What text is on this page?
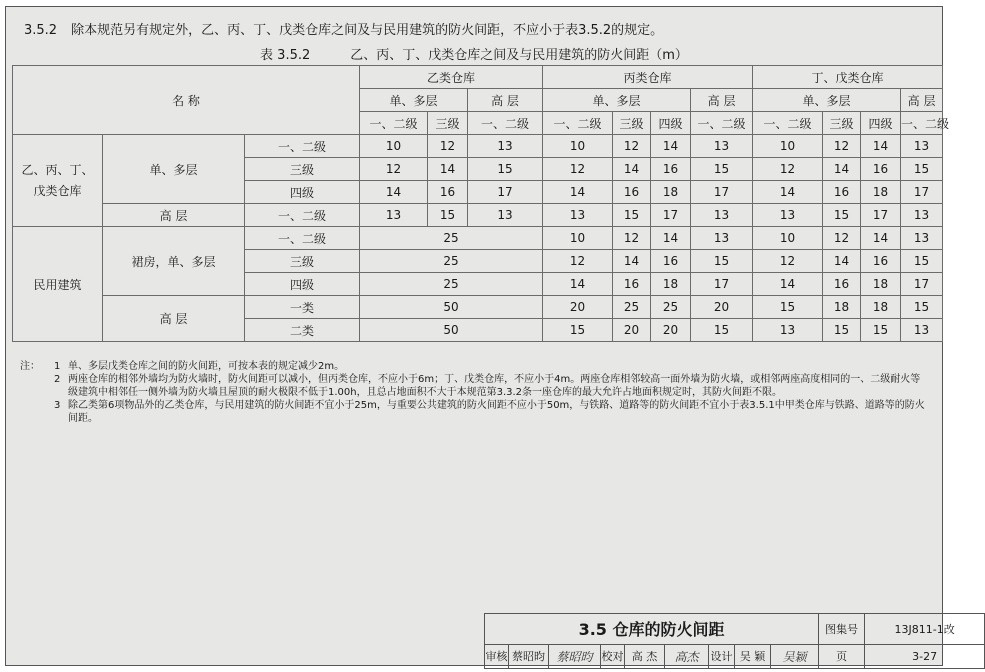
3.5.2 除本规范另有规定外，乙、丙、丁、戊类仓库之间及与民用建筑的防火间距，不应小于表3.5.2的规定。
表 3.5.2	乙、丙、丁、戊类仓库之间及与民用建筑的防火间距（m）
名 称			乙类仓库			丙类仓库				丁、戊类仓库			
			单、多层		高 层	单、多层			高 层	单、多层			高 层
			一、二级	三级	一、二级	一、二级	三级	四级	一、二级	一、二级	三级	四级	一、二级
乙、丙、丁、戊类仓库	单、多层	一、二级	10	12	13	10	12	14	13	10	12	14	13
		三级	12	14	15	12	14	16	15	12	14	16	15
		四级	14	16	17	14	16	18	17	14	16	18	17
	高 层	一、二级	13	15	13	13	15	17	13	13	15	17	13
民用建筑	裙房，单、多层	一、二级	25			10	12	14	13	10	12	14	13
		三级	25			12	14	16	15	12	14	16	15
		四级	25			14	16	18	17	14	16	18	17
	高 层	一类	50			20	25	25	20	15	18	18	15
		二类	50			15	20	20	15	13	15	15	13
注：	1 单、多层戊类仓库之间的防火间距，可按本表的规定减少2m。
2 两座仓库的相邻外墙均为防火墙时，防火间距可以减小，但丙类仓库，不应小于6m；丁、戊类仓库，不应小于4m。两座仓库相邻较高一面外墙为防火墙，或相邻两座高度相同的一、二级耐火等级建筑中相邻任一侧外墙为防火墙且屋顶的耐火极限不低于1.00h，且总占地面积不大于本规范第3.3.2条一座仓库的最大允许占地面积规定时，其防火间距不限。
3 除乙类第6项物品外的乙类仓库，与民用建筑的防火间距不宜小于25m，与重要公共建筑的防火间距不应小于50m，与铁路、道路等的防火间距不宜小于表3.5.1中甲类仓库与铁路、道路等的防火间距。
3.5 仓库的防火间距									图集号	13J811-1改
审核	蔡昭昀	蔡昭昀	校对	高 杰	高杰	设计	吴 颖	吴颖	页	3-27
